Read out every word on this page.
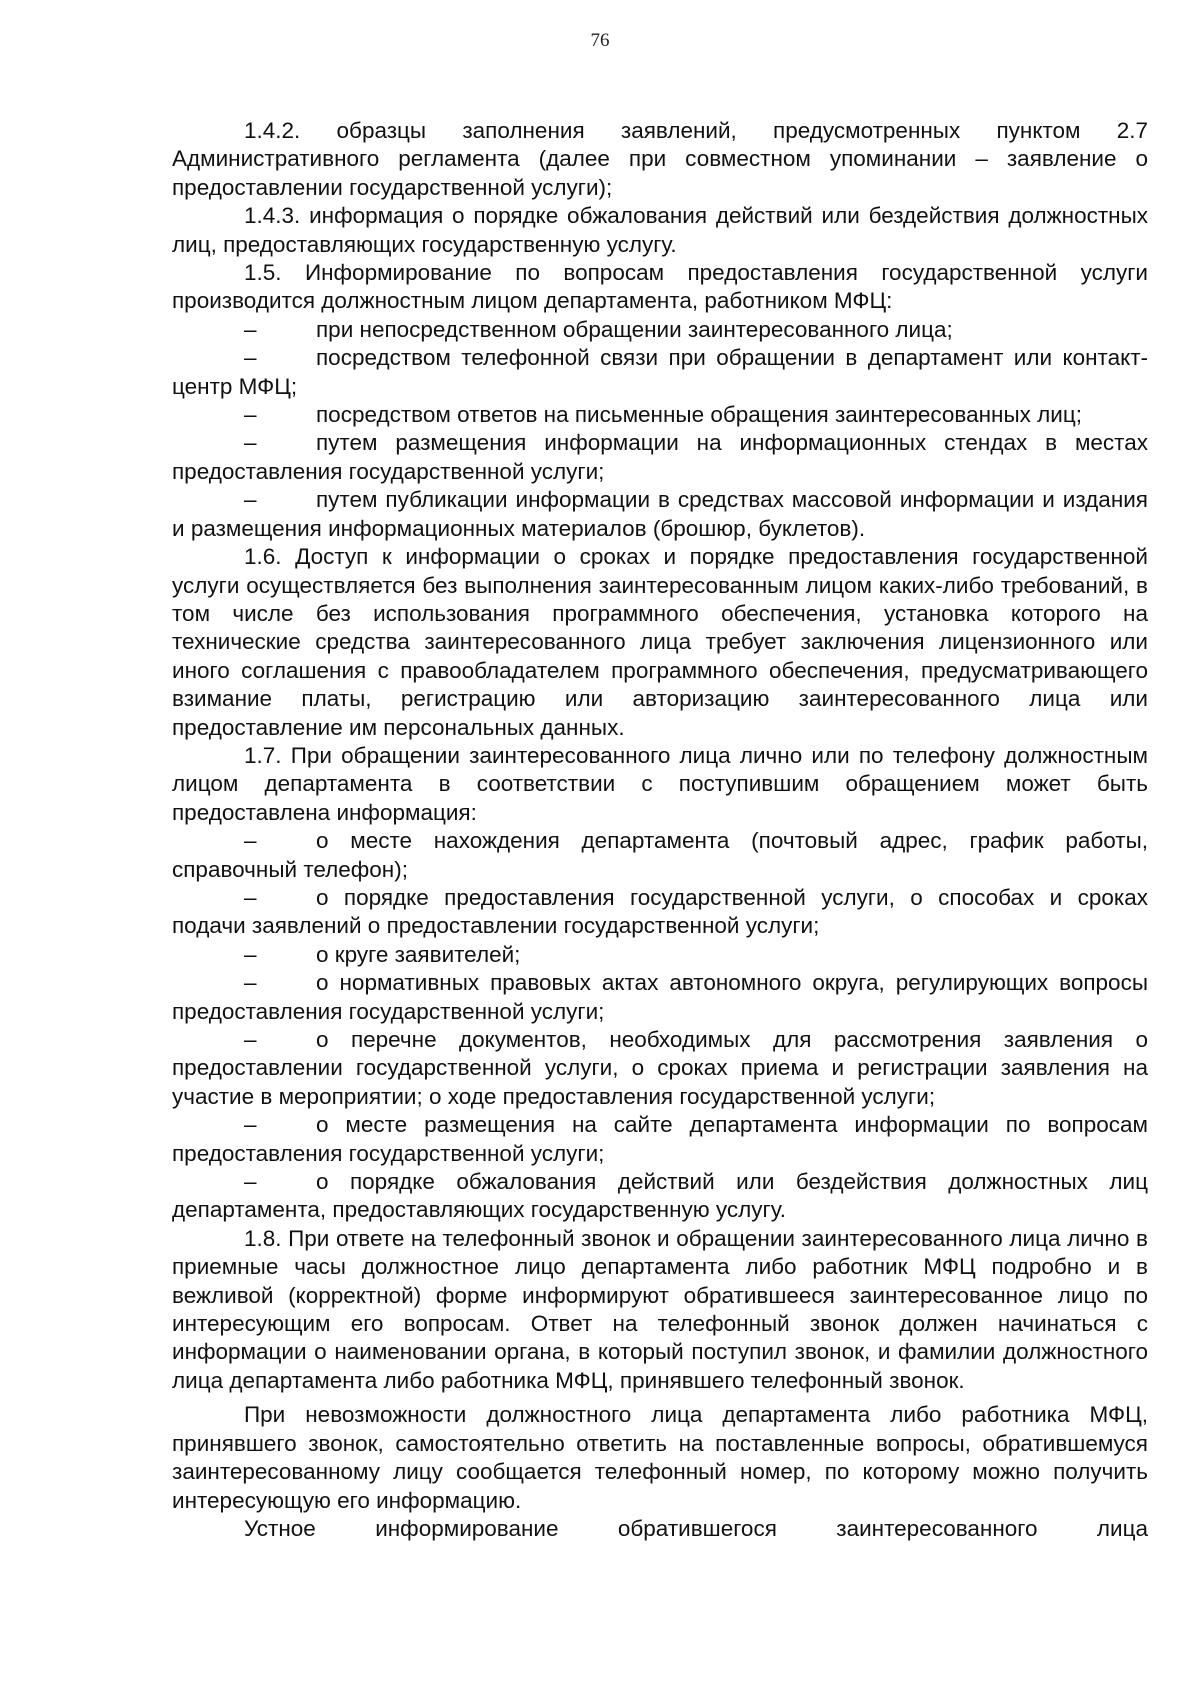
76

1.4.2. образцы заполнения заявлений, предусмотренных пунктом 2.7 Административного регламента (далее при совместном упоминании – заявление о предоставлении государственной услуги);

1.4.3. информация о порядке обжалования действий или бездействия должностных лиц, предоставляющих государственную услугу.

1.5. Информирование по вопросам предоставления государственной услуги производится должностным лицом департамента, работником МФЦ:

–	при непосредственном обращении заинтересованного лица;

–	посредством телефонной связи при обращении в департамент или контакт-центр МФЦ;

–	посредством ответов на письменные обращения заинтересованных лиц;

–	путем размещения информации на информационных стендах в местах предоставления государственной услуги;

–	путем публикации информации в средствах массовой информации и издания и размещения информационных материалов (брошюр, буклетов).

1.6. Доступ к информации о сроках и порядке предоставления государственной услуги осуществляется без выполнения заинтересованным лицом каких-либо требований, в том числе без использования программного обеспечения, установка которого на технические средства заинтересованного лица требует заключения лицензионного или иного соглашения с правообладателем программного обеспечения, предусматривающего взимание платы, регистрацию или авторизацию заинтересованного лица или предоставление им персональных данных.

1.7. При обращении заинтересованного лица лично или по телефону должностным лицом департамента в соответствии с поступившим обращением может быть предоставлена информация:

–	о месте нахождения департамента (почтовый адрес, график работы, справочный телефон);

–	о порядке предоставления государственной услуги, о способах и сроках подачи заявлений о предоставлении государственной услуги;

–	о круге заявителей;

–	о нормативных правовых актах автономного округа, регулирующих вопросы предоставления государственной услуги;

–	о перечне документов, необходимых для рассмотрения заявления о предоставлении государственной услуги, о сроках приема и регистрации заявления на участие в мероприятии; о ходе предоставления государственной услуги;

–	о месте размещения на сайте департамента информации по вопросам предоставления государственной услуги;

–	о порядке обжалования действий или бездействия должностных лиц департамента, предоставляющих государственную услугу.

1.8. При ответе на телефонный звонок и обращении заинтересованного лица лично в приемные часы должностное лицо департамента либо работник МФЦ подробно и в вежливой (корректной) форме информируют обратившееся заинтересованное лицо по интересующим его вопросам. Ответ на телефонный звонок должен начинаться с информации о наименовании органа, в который поступил звонок, и фамилии должностного лица департамента либо работника МФЦ, принявшего телефонный звонок.

При невозможности должностного лица департамента либо работника МФЦ, принявшего звонок, самостоятельно ответить на поставленные вопросы, обратившемуся заинтересованному лицу сообщается телефонный номер, по которому можно получить интересующую его информацию.

Устное информирование обратившегося заинтересованного лица
